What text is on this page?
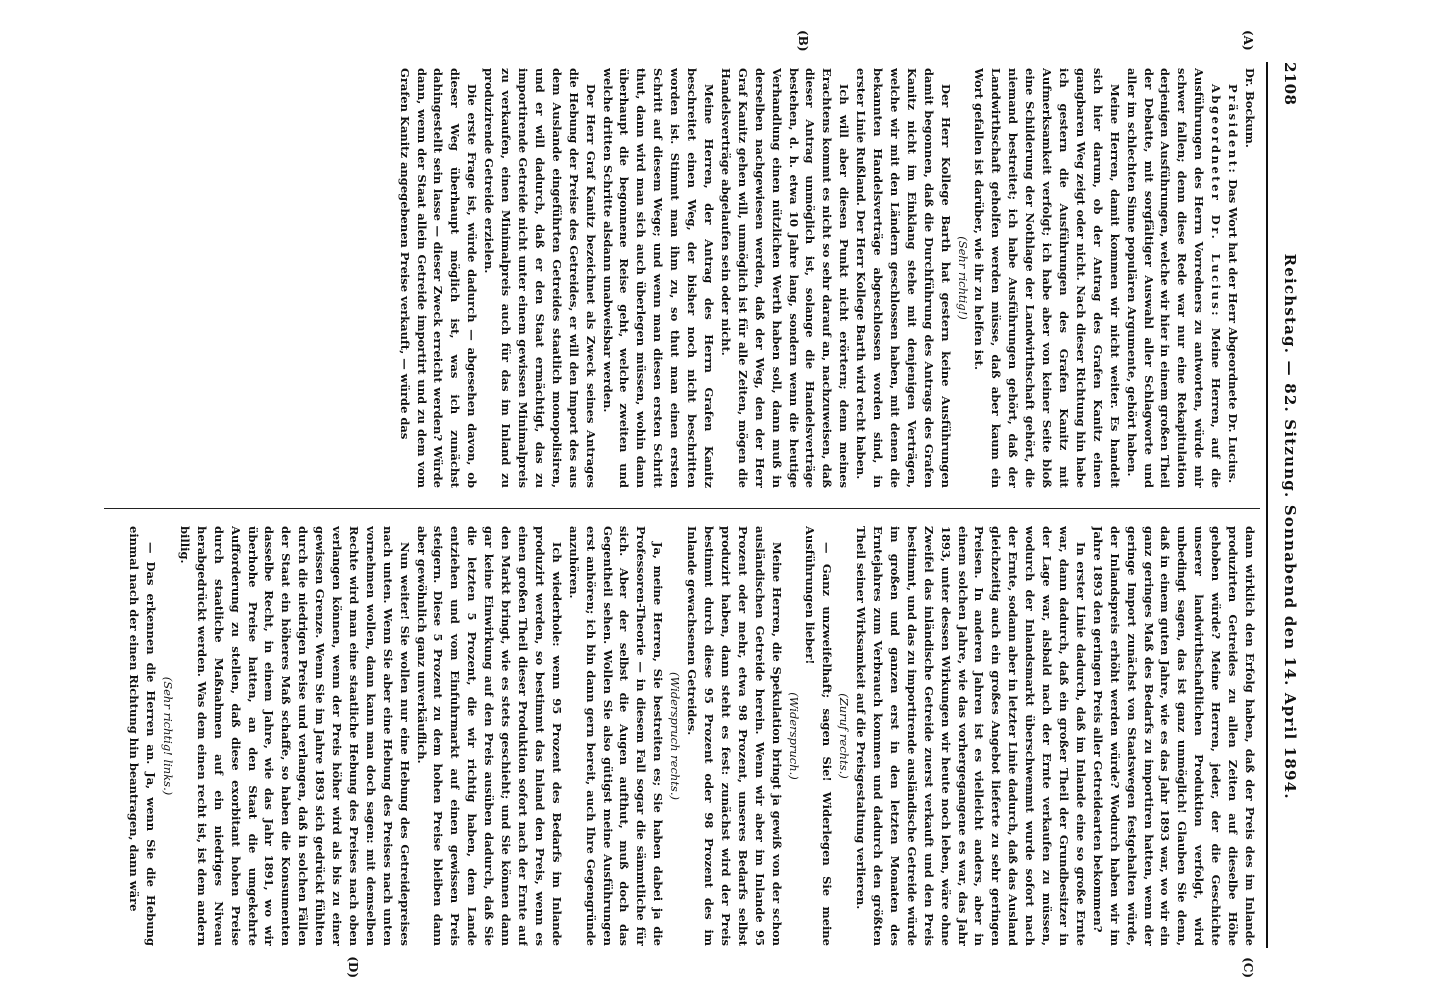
2108
Reichstag. — 82. Sitzung. Sonnabend den 14. April 1894.
(A)
(B)
(C)
(D)

Dr. Bockum.

Präsident: Das Wort hat der Herr Abgeordnete Dr. Lucius.

Abgeordneter Dr. Lucius: Meine Herren, auf die Ausführungen des Herrn Vorredners zu antworten, würde mir schwer fallen; denn diese Rede war nur eine Rekapitulation derjenigen Ausführungen, welche wir hier in einem großen Theil der Debatte, mit sorgfältiger Auswahl aller Schlagworte und aller im schlechten Sinne populären Argumente, gehört haben.

Meine Herren, damit kommen wir nicht weiter. Es handelt sich hier darum, ob der Antrag des Grafen Kanitz einen gangbaren Weg zeigt oder nicht. Nach dieser Richtung hin habe ich gestern die Ausführungen des Grafen Kanitz mit Aufmerksamkeit verfolgt; ich habe aber von keiner Seite bloß eine Schilderung der Nothlage der Landwirthschaft gehört, die niemand bestreitet; ich habe Ausführungen gehört, daß der Landwirthschaft geholfen werden müsse, daß aber kaum ein Wort gefallen ist darüber, wie ihr zu helfen ist.

(Sehr richtig!)

Der Herr Kollege Barth hat gestern keine Ausführungen damit begonnen, daß die Durchführung des Antrags des Grafen Kanitz nicht im Einklang stehe mit denjenigen Verträgen, welche wir mit den Ländern geschlossen haben, mit denen die bekannten Handelsverträge abgeschlossen worden sind, in erster Linie Rußland. Der Herr Kollege Barth wird recht haben.

Ich will aber diesen Punkt nicht erörtern; denn meines Erachtens kommt es nicht so sehr darauf an, nachzuweisen, daß dieser Antrag unmöglich ist, solange die Handelsverträge bestehen, d. h. etwa 10 Jahre lang, sondern wenn die heutige Verhandlung einen nützlichen Werth haben soll, dann muß in derselben nachgewiesen werden, daß der Weg, den der Herr Graf Kanitz gehen will, unmöglich ist für alle Zeiten, mögen die Handelsverträge abgelaufen sein oder nicht.

Meine Herren, der Antrag des Herrn Grafen Kanitz beschreitet einen Weg, der bisher noch nicht beschritten worden ist. Stimmt man ihm zu, so thut man einen ersten Schritt auf diesem Wege; und wenn man diesen ersten Schritt thut, dann wird man sich auch überlegen müssen, wohin dann überhaupt die begonnene Reise geht, welche zweiten und welche dritten Schritte alsdann unabweisbar werden.

Der Herr Graf Kanitz bezeichnet als Zweck seines Antrages die Hebung der Preise des Getreides, er will den Import des aus dem Auslande eingeführten Getreides staatlich monopolisiren, und er will dadurch, daß er den Staat ermächtigt, das zu importirende Getreide nicht unter einem gewissen Minimalpreis zu verkaufen, einen Minimalpreis auch für das im Inland zu produzirende Getreide erzielen.

Die erste Frage ist, würde dadurch — abgesehen davon, ob dieser Weg überhaupt möglich ist, was ich zunächst dahingestellt sein lasse — dieser Zweck erreicht werden? Würde dann, wenn der Staat allein Getreide importirt und zu dem vom Grafen Kanitz angegebenen Preise verkauft, — würde das

dann wirklich den Erfolg haben, daß der Preis des im Inlande produzirten Getreides zu allen Zeiten auf dieselbe Höhe gehoben würde? Meine Herren, jeder, der die Geschichte unserer landwirthschaftlichen Produktion verfolgt, wird unbedingt sagen, das ist ganz unmöglich! Glauben Sie denn, daß in einem guten Jahre, wie es das Jahr 1893 war, wo wir ein ganz geringes Maß des Bedarfs zu importiren hatten, wenn der geringe Import zunächst von Staatswegen festgehalten würde, der Inlandspreis erhöht werden würde? Wodurch haben wir im Jahre 1893 den geringen Preis aller Getreidearten bekommen?

In erster Linie dadurch, daß im Inlande eine so große Ernte war, dann dadurch, daß ein großer Theil der Grundbesitzer in der Lage war, alsbald nach der Ernte verkaufen zu müssen, wodurch der Inlandsmarkt überschwemmt wurde sofort nach der Ernte, sodann aber in letzter Linie dadurch, daß das Ausland gleichzeitig auch ein großes Angebot lieferte zu sehr geringen Preisen. In anderen Jahren ist es vielleicht anders, aber in einem solchen Jahre, wie das vorhergegangene es war, das Jahr 1893, unter dessen Wirkungen wir heute noch leben, wäre ohne Zweifel das inländische Getreide zuerst verkauft und den Preis bestimmt, und das zu importirende ausländische Getreide würde im großen und ganzen erst in den letzten Monaten des Erntejahres zum Verbrauch kommen und dadurch den größten Theil seiner Wirksamkeit auf die Preisgestaltung verlieren.

(Zuruf rechts.)

— Ganz unzweifelhaft; sagen Sie! Widerlegen Sie meine Ausführungen lieber!

(Widerspruch.)

Meine Herren, die Spekulation bringt ja gewiß von der schon ausländischen Getreide herein. Wenn wir aber im Inlande 95 Prozent oder mehr, etwa 98 Prozent, unseres Bedarfs selbst produzirt haben, dann steht es fest: zunächst wird der Preis bestimmt durch diese 95 Prozent oder 98 Prozent des im Inlande gewachsenen Getreides.

(Widerspruch rechts.)

Ja, meine Herren, Sie bestreiten es; Sie haben dabei ja die Professoren-Theorie — in diesem Fall sogar die sämmtliche für sich. Aber der selbst die Augen aufthut, muß doch das Gegentheil sehen. Wollen Sie also gütigst meine Ausführungen erst anhören; ich bin dann gern bereit, auch Ihre Gegengründe anzuhören.

Ich wiederhole: wenn 95 Prozent des Bedarfs im Inlande produzirt werden, so bestimmt das Inland den Preis, wenn es einen großen Theil dieser Produktion sofort nach der Ernte auf den Markt bringt, wie es stets geschieht; und Sie können dann gar keine Einwirkung auf den Preis ausüben dadurch, daß Sie die letzten 5 Prozent, die wir richtig haben, dem Lande entziehen und vom Einfuhrmarkt auf einen gewissen Preis steigern. Diese 5 Prozent zu dem hohen Preise bleiben dann aber gewöhnlich ganz unverkäuflich.

Nun weiter! Sie wollen nur eine Hebung des Getreidepreises nach unten. Wenn Sie aber eine Hebung des Preises nach unten vornehmen wollen, dann kann man doch sagen: mit demselben Rechte wird man eine staatliche Hebung des Preises nach oben verlangen können, wenn der Preis höher wird als bis zu einer gewissen Grenze. Wenn Sie im Jahre 1893 sich gedrückt fühlten durch die niedrigen Preise und verlangen, daß in solchen Fällen der Staat ein höheres Maß schaffe, so haben die Konsumenten dasselbe Recht, in einem Jahre, wie das Jahr 1891, wo wir überhohe Preise hatten, an den Staat die umgekehrte Aufforderung zu stellen, daß diese exorbitant hohen Preise durch staatliche Maßnahmen auf ein niedriges Niveau herabgedrückt werden. Was dem einen recht ist, ist dem andern billig.

(Sehr richtig! links.)

— Das erkennen die Herren an. Ja, wenn Sie die Hebung einmal nach der einen Richtung hin beantragen, dann wäre
